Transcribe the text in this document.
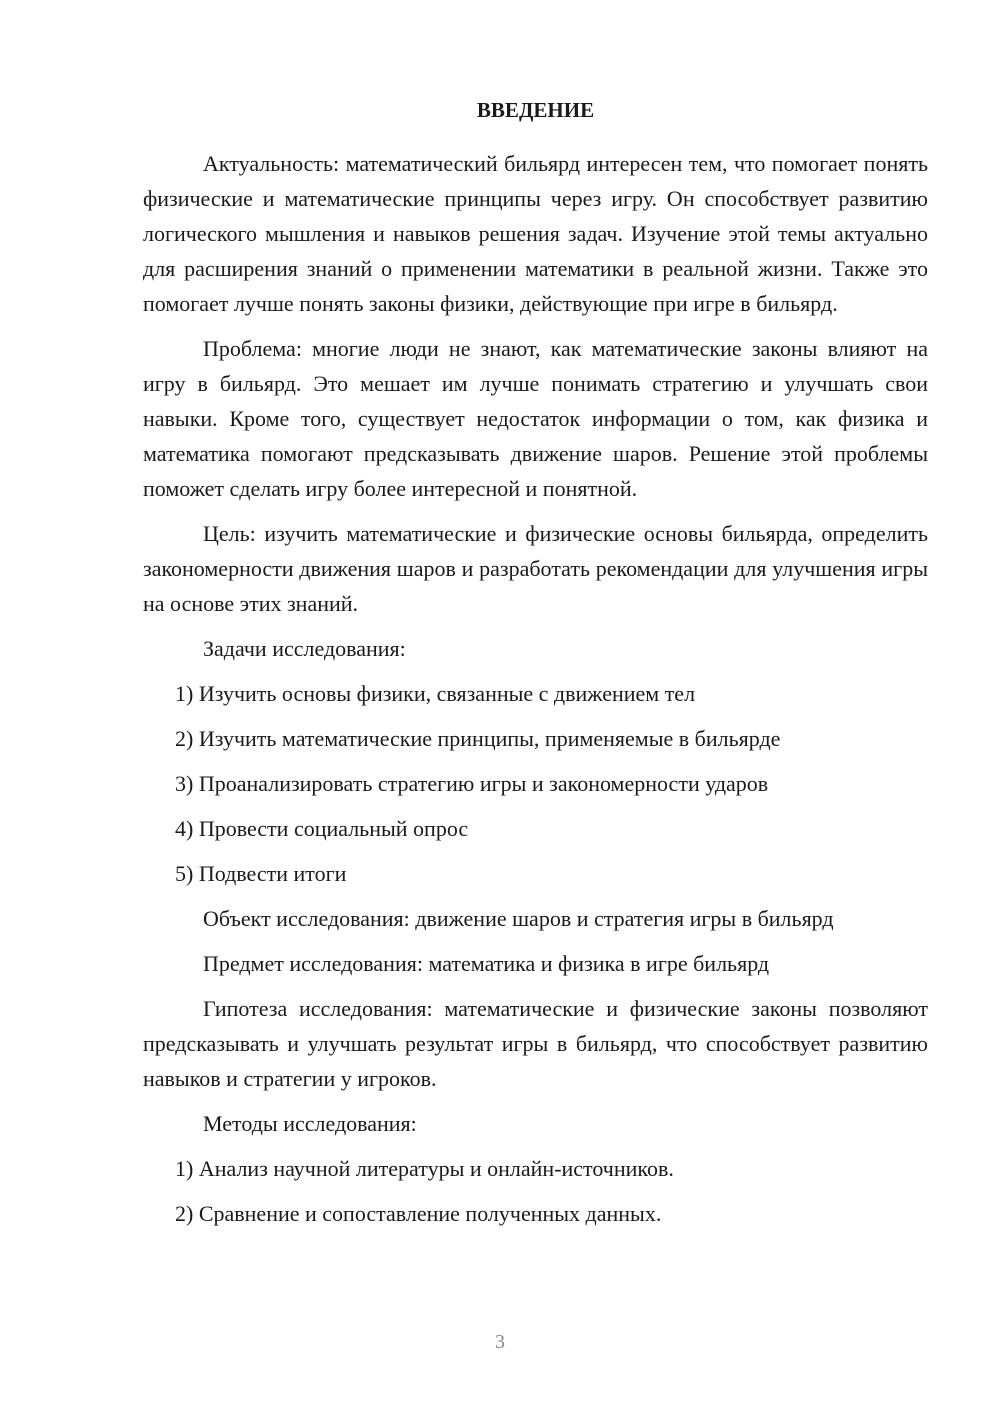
ВВЕДЕНИЕ

Актуальность: математический бильярд интересен тем, что помогает понять физические и математические принципы через игру. Он способствует развитию логического мышления и навыков решения задач. Изучение этой темы актуально для расширения знаний о применении математики в реальной жизни. Также это помогает лучше понять законы физики, действующие при игре в бильярд.

Проблема: многие люди не знают, как математические законы влияют на игру в бильярд. Это мешает им лучше понимать стратегию и улучшать свои навыки. Кроме того, существует недостаток информации о том, как физика и математика помогают предсказывать движение шаров. Решение этой проблемы поможет сделать игру более интересной и понятной.

Цель: изучить математические и физические основы бильярда, определить закономерности движения шаров и разработать рекомендации для улучшения игры на основе этих знаний.

Задачи исследования:
1) Изучить основы физики, связанные с движением тел
2) Изучить математические принципы, применяемые в бильярде
3) Проанализировать стратегию игры и закономерности ударов
4) Провести социальный опрос
5) Подвести итоги
Объект исследования: движение шаров и стратегия игры в бильярд
Предмет исследования: математика и физика в игре бильярд

Гипотеза исследования: математические и физические законы позволяют предсказывать и улучшать результат игры в бильярд, что способствует развитию навыков и стратегии у игроков.

Методы исследования:
1) Анализ научной литературы и онлайн-источников.
2) Сравнение и сопоставление полученных данных.
3
